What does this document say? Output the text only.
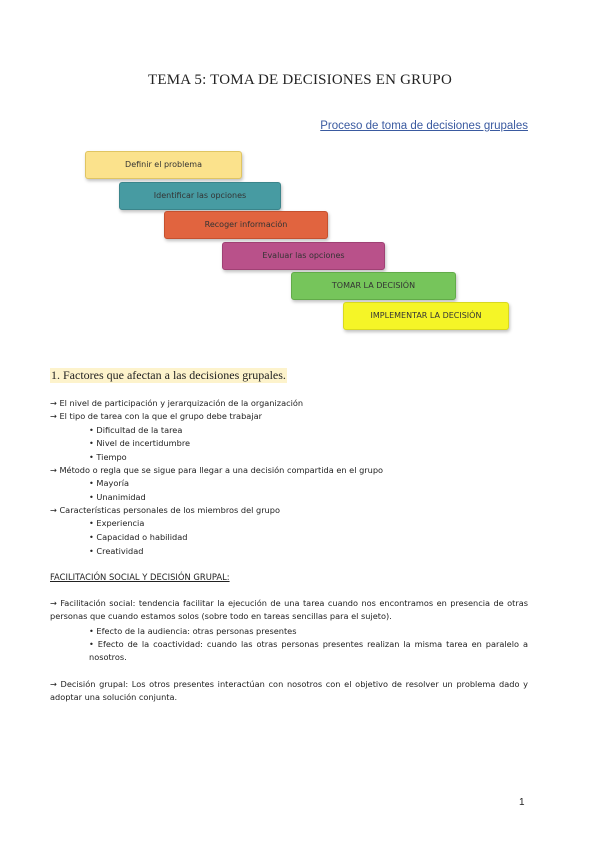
TEMA 5: TOMA DE DECISIONES EN GRUPO
Proceso de toma de decisiones grupales
Definir el problema
Identificar las opciones
Recoger información
Evaluar las opciones
TOMAR LA DECISIÓN
IMPLEMENTAR LA DECISIÓN
1. Factores que afectan a las decisiones grupales.
→ El nivel de participación y jerarquización de la organización
→ El tipo de tarea con la que el grupo debe trabajar
• Dificultad de la tarea
• Nivel de incertidumbre
• Tiempo
→ Método o regla que se sigue para llegar a una decisión compartida en el grupo
• Mayoría
• Unanimidad
→ Características personales de los miembros del grupo
• Experiencia
• Capacidad o habilidad
• Creatividad
FACILITACIÓN SOCIAL Y DECISIÓN GRUPAL:
→ Facilitación social: tendencia facilitar la ejecución de una tarea cuando nos encontramos en presencia de otras personas que cuando estamos solos (sobre todo en tareas sencillas para el sujeto).
• Efecto de la audiencia: otras personas presentes
• Efecto de la coactividad: cuando las otras personas presentes realizan la misma tarea en paralelo a nosotros.
→ Decisión grupal: Los otros presentes interactúan con nosotros con el objetivo de resolver un problema dado y adoptar una solución conjunta.
1
